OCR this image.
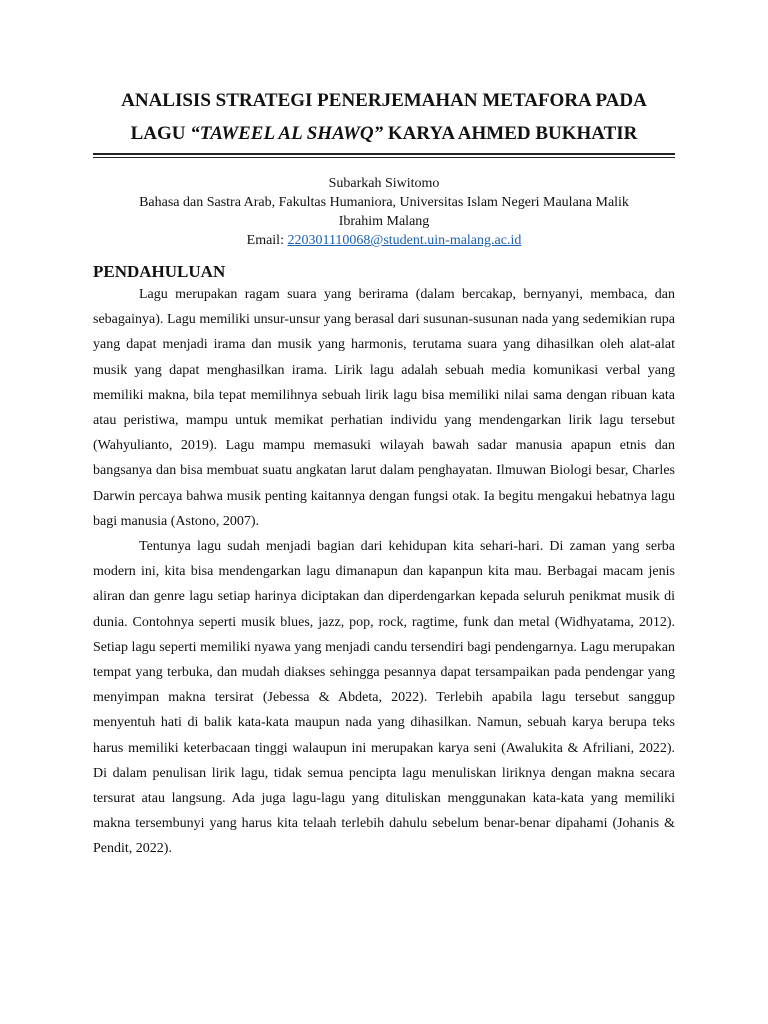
ANALISIS STRATEGI PENERJEMAHAN METAFORA PADA
LAGU “TAWEEL AL SHAWQ” KARYA AHMED BUKHATIR
Subarkah Siwitomo
Bahasa dan Sastra Arab, Fakultas Humaniora, Universitas Islam Negeri Maulana Malik
Ibrahim Malang
Email: 220301110068@student.uin-malang.ac.id
PENDAHULUAN

Lagu merupakan ragam suara yang berirama (dalam bercakap, bernyanyi, membaca, dan sebagainya). Lagu memiliki unsur-unsur yang berasal dari susunan-susunan nada yang sedemikian rupa yang dapat menjadi irama dan musik yang harmonis, terutama suara yang dihasilkan oleh alat-alat musik yang dapat menghasilkan irama. Lirik lagu adalah sebuah media komunikasi verbal yang memiliki makna, bila tepat memilihnya sebuah lirik lagu bisa memiliki nilai sama dengan ribuan kata atau peristiwa, mampu untuk memikat perhatian individu yang mendengarkan lirik lagu tersebut (Wahyulianto, 2019). Lagu mampu memasuki wilayah bawah sadar manusia apapun etnis dan bangsanya dan bisa membuat suatu angkatan larut dalam penghayatan. Ilmuwan Biologi besar, Charles Darwin percaya bahwa musik penting kaitannya dengan fungsi otak. Ia begitu mengakui hebatnya lagu bagi manusia (Astono, 2007).

Tentunya lagu sudah menjadi bagian dari kehidupan kita sehari-hari. Di zaman yang serba modern ini, kita bisa mendengarkan lagu dimanapun dan kapanpun kita mau. Berbagai macam jenis aliran dan genre lagu setiap harinya diciptakan dan diperdengarkan kepada seluruh penikmat musik di dunia. Contohnya seperti musik blues, jazz, pop, rock, ragtime, funk dan metal (Widhyatama, 2012). Setiap lagu seperti memiliki nyawa yang menjadi candu tersendiri bagi pendengarnya. Lagu merupakan tempat yang terbuka, dan mudah diakses sehingga pesannya dapat tersampaikan pada pendengar yang menyimpan makna tersirat (Jebessa & Abdeta, 2022). Terlebih apabila lagu tersebut sanggup menyentuh hati di balik kata-kata maupun nada yang dihasilkan. Namun, sebuah karya berupa teks harus memiliki keterbacaan tinggi walaupun ini merupakan karya seni (Awalukita & Afriliani, 2022). Di dalam penulisan lirik lagu, tidak semua pencipta lagu menuliskan liriknya dengan makna secara tersurat atau langsung. Ada juga lagu-lagu yang dituliskan menggunakan kata-kata yang memiliki makna tersembunyi yang harus kita telaah terlebih dahulu sebelum benar-benar dipahami (Johanis & Pendit, 2022).
